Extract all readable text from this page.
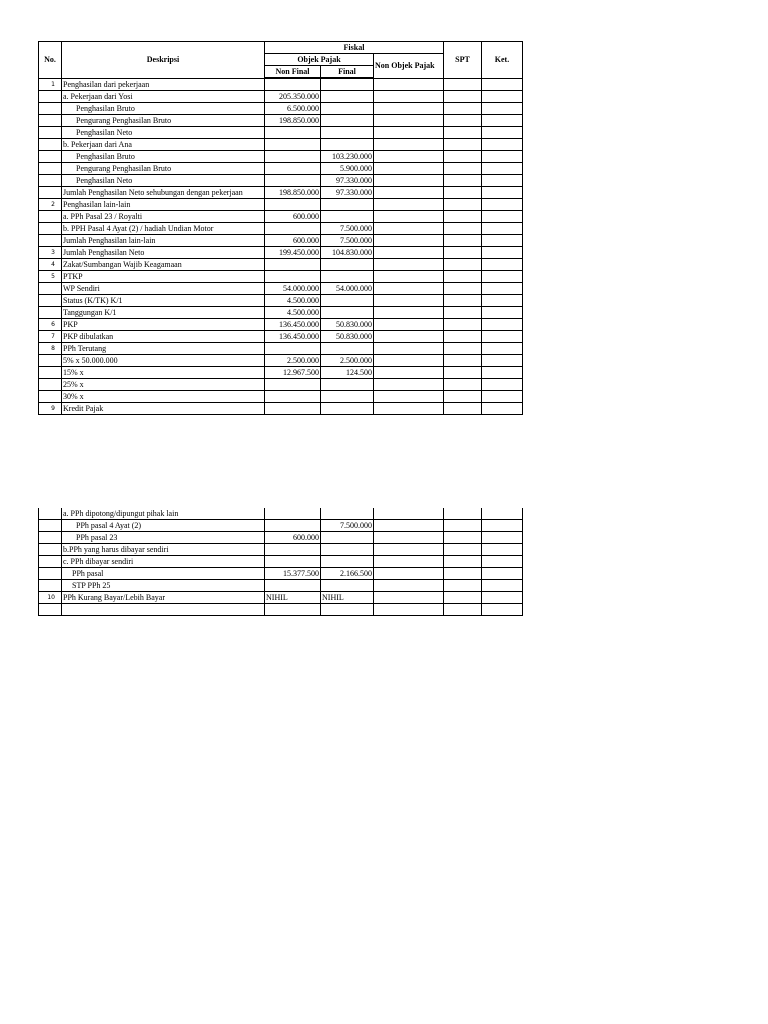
No.	Deskripsi	Fiskal			SPT	Ket.
		Objek Pajak		Non Objek Pajak		
		Non Final	Final			
1	Penghasilan dari pekerjaan					
	a. Pekerjaan dari Yosi	205.350.000				
	Penghasilan Bruto	6.500.000				
	Pengurang Penghasilan Bruto	198.850.000				
	Penghasilan Neto					
	b. Pekerjaan dari Ana					
	Penghasilan Bruto		103.230.000			
	Pengurang Penghasilan Bruto		5.900.000			
	Penghasilan Neto		97.330.000			
	Jumlah Penghasilan Neto sehubungan dengan pekerjaan	198.850.000	97.330.000			
2	Penghasilan lain-lain					
	a. PPh Pasal 23 / Royalti	600.000				
	b. PPH Pasal 4 Ayat (2) / hadiah Undian Motor		7.500.000			
	Jumlah Penghasilan lain-lain	600.000	7.500.000			
3	Jumlah Penghasilan Neto	199.450.000	104.830.000			
4	Zakat/Sumbangan Wajib Keagamaan					
5	PTKP					
	WP Sendiri	54.000.000	54.000.000			
	Status (K/TK) K/1	4.500.000				
	Tanggungan K/1	4.500.000				
6	PKP	136.450.000	50.830.000			
7	PKP dibulatkan	136.450.000	50.830.000			
8	PPh Terutang					
	5% x 50.000.000	2.500.000	2.500.000			
	15% x	12.967.500	124.500			
	25% x					
	30% x					
9	Kredit Pajak					
	a. PPh dipotong/dipungut pihak lain					
	PPh pasal 4 Ayat (2)		7.500.000			
	PPh pasal 23	600.000				
	b.PPh yang harus dibayar sendiri					
	c. PPh dibayar sendiri					
	PPh pasal	15.377.500	2.166.500			
	STP PPh 25					
10	PPh Kurang Bayar/Lebih Bayar	NIHIL	NIHIL			
